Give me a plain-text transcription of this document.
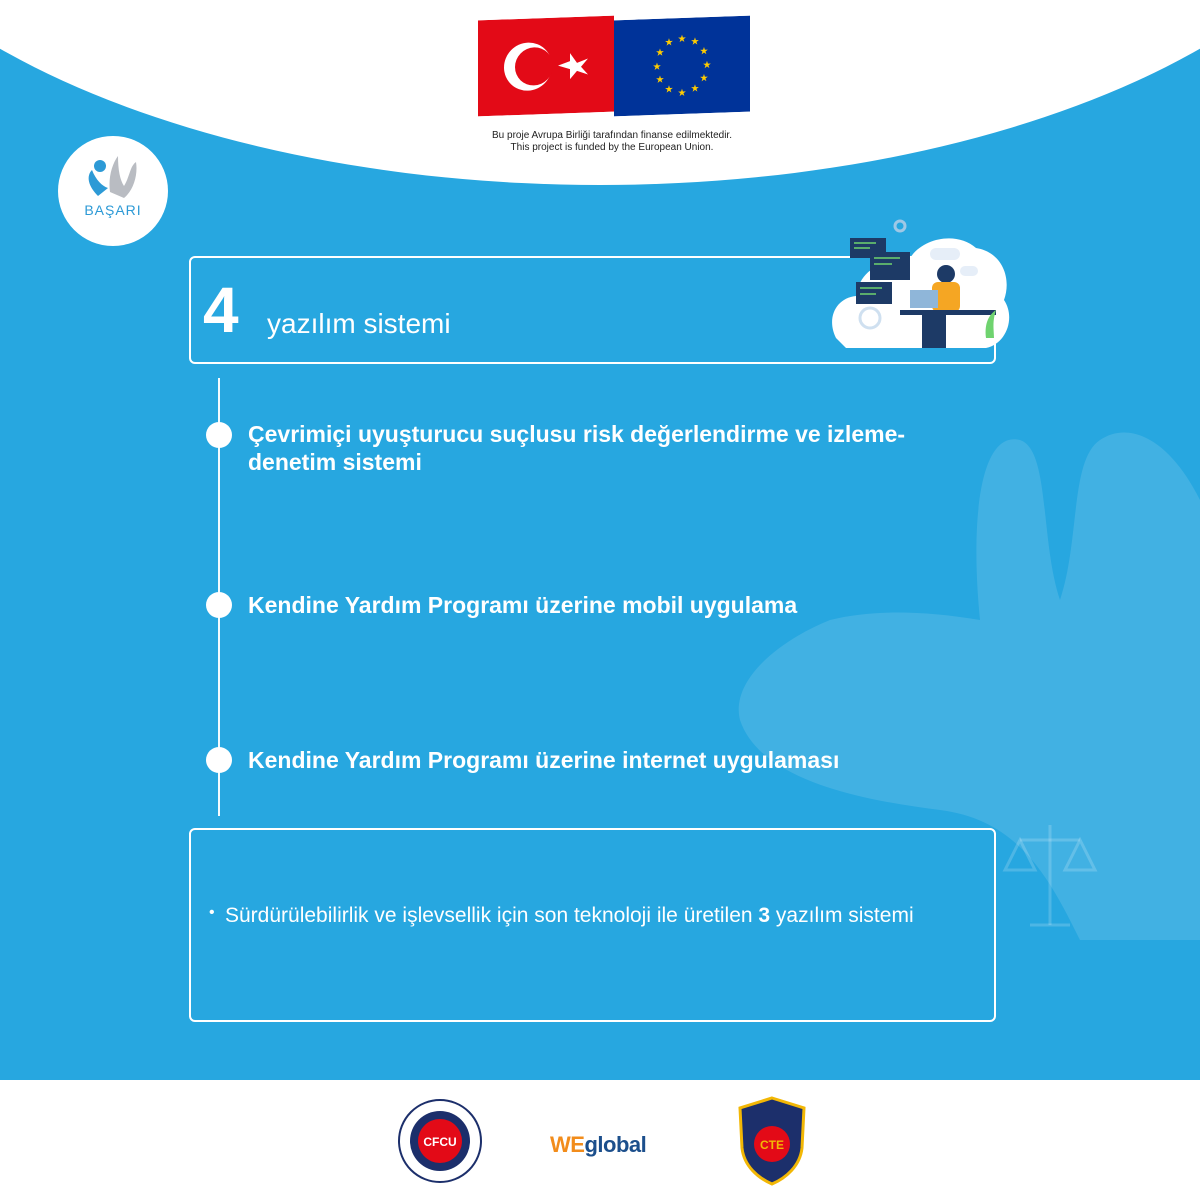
★ ★
★
★
★
★
★
★
★
★
★
★
Bu proje Avrupa Birliği tarafından finanse edilmektedir.
This project is funded by the European Union.
BAŞARI
4 yazılım sistemi
Çevrimiçi uyuşturucu suçlusu risk değerlendirme ve izleme-denetim sistemi
Kendine Yardım Programı üzerine mobil uygulama
Kendine Yardım Programı üzerine internet uygulaması
• Sürdürülebilirlik ve işlevsellik için son teknoloji ile üretilen 3 yazılım sistemi
CFCU	WEglobal	CTE
